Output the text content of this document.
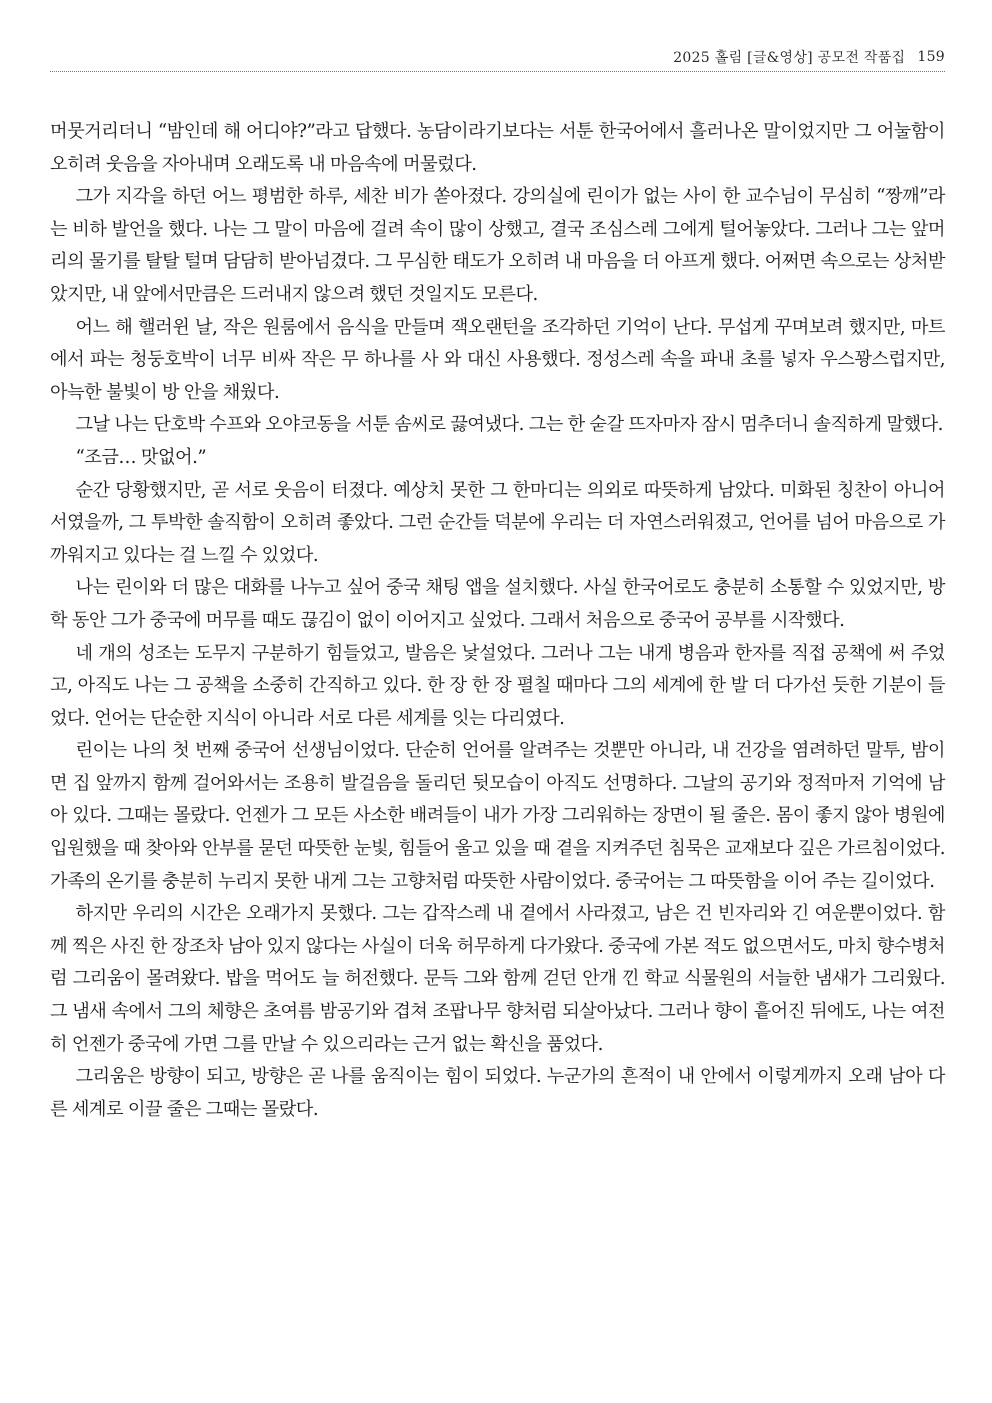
2025 홀림 [글&영상] 공모전 작품집 159

머뭇거리더니 “밤인데 해 어디야?”라고 답했다. 농담이라기보다는 서툰 한국어에서 흘러나온 말이었지만 그 어눌함이 오히려 웃음을 자아내며 오래도록 내 마음속에 머물렀다.

그가 지각을 하던 어느 평범한 하루, 세찬 비가 쏟아졌다. 강의실에 린이가 없는 사이 한 교수님이 무심히 “짱깨”라는 비하 발언을 했다. 나는 그 말이 마음에 걸려 속이 많이 상했고, 결국 조심스레 그에게 털어놓았다. 그러나 그는 앞머리의 물기를 탈탈 털며 담담히 받아넘겼다. 그 무심한 태도가 오히려 내 마음을 더 아프게 했다. 어쩌면 속으로는 상처받았지만, 내 앞에서만큼은 드러내지 않으려 했던 것일지도 모른다.

어느 해 핼러윈 날, 작은 원룸에서 음식을 만들며 잭오랜턴을 조각하던 기억이 난다. 무섭게 꾸며보려 했지만, 마트에서 파는 청둥호박이 너무 비싸 작은 무 하나를 사 와 대신 사용했다. 정성스레 속을 파내 초를 넣자 우스꽝스럽지만, 아늑한 불빛이 방 안을 채웠다.

그날 나는 단호박 수프와 오야코동을 서툰 솜씨로 끓여냈다. 그는 한 숟갈 뜨자마자 잠시 멈추더니 솔직하게 말했다.

“조금… 맛없어.”

순간 당황했지만, 곧 서로 웃음이 터졌다. 예상치 못한 그 한마디는 의외로 따뜻하게 남았다. 미화된 칭찬이 아니어서였을까, 그 투박한 솔직함이 오히려 좋았다. 그런 순간들 덕분에 우리는 더 자연스러워졌고, 언어를 넘어 마음으로 가까워지고 있다는 걸 느낄 수 있었다.

나는 린이와 더 많은 대화를 나누고 싶어 중국 채팅 앱을 설치했다. 사실 한국어로도 충분히 소통할 수 있었지만, 방학 동안 그가 중국에 머무를 때도 끊김이 없이 이어지고 싶었다. 그래서 처음으로 중국어 공부를 시작했다.

네 개의 성조는 도무지 구분하기 힘들었고, 발음은 낯설었다. 그러나 그는 내게 병음과 한자를 직접 공책에 써 주었고, 아직도 나는 그 공책을 소중히 간직하고 있다. 한 장 한 장 펼칠 때마다 그의 세계에 한 발 더 다가선 듯한 기분이 들었다. 언어는 단순한 지식이 아니라 서로 다른 세계를 잇는 다리였다.

린이는 나의 첫 번째 중국어 선생님이었다. 단순히 언어를 알려주는 것뿐만 아니라, 내 건강을 염려하던 말투, 밤이면 집 앞까지 함께 걸어와서는 조용히 발걸음을 돌리던 뒷모습이 아직도 선명하다. 그날의 공기와 정적마저 기억에 남아 있다. 그때는 몰랐다. 언젠가 그 모든 사소한 배려들이 내가 가장 그리워하는 장면이 될 줄은. 몸이 좋지 않아 병원에 입원했을 때 찾아와 안부를 묻던 따뜻한 눈빛, 힘들어 울고 있을 때 곁을 지켜주던 침묵은 교재보다 깊은 가르침이었다. 가족의 온기를 충분히 누리지 못한 내게 그는 고향처럼 따뜻한 사람이었다. 중국어는 그 따뜻함을 이어 주는 길이었다.

하지만 우리의 시간은 오래가지 못했다. 그는 갑작스레 내 곁에서 사라졌고, 남은 건 빈자리와 긴 여운뿐이었다. 함께 찍은 사진 한 장조차 남아 있지 않다는 사실이 더욱 허무하게 다가왔다. 중국에 가본 적도 없으면서도, 마치 향수병처럼 그리움이 몰려왔다. 밥을 먹어도 늘 허전했다. 문득 그와 함께 걷던 안개 낀 학교 식물원의 서늘한 냄새가 그리웠다. 그 냄새 속에서 그의 체향은 초여름 밤공기와 겹쳐 조팝나무 향처럼 되살아났다. 그러나 향이 흩어진 뒤에도, 나는 여전히 언젠가 중국에 가면 그를 만날 수 있으리라는 근거 없는 확신을 품었다.

그리움은 방향이 되고, 방향은 곧 나를 움직이는 힘이 되었다. 누군가의 흔적이 내 안에서 이렇게까지 오래 남아 다른 세계로 이끌 줄은 그때는 몰랐다.
